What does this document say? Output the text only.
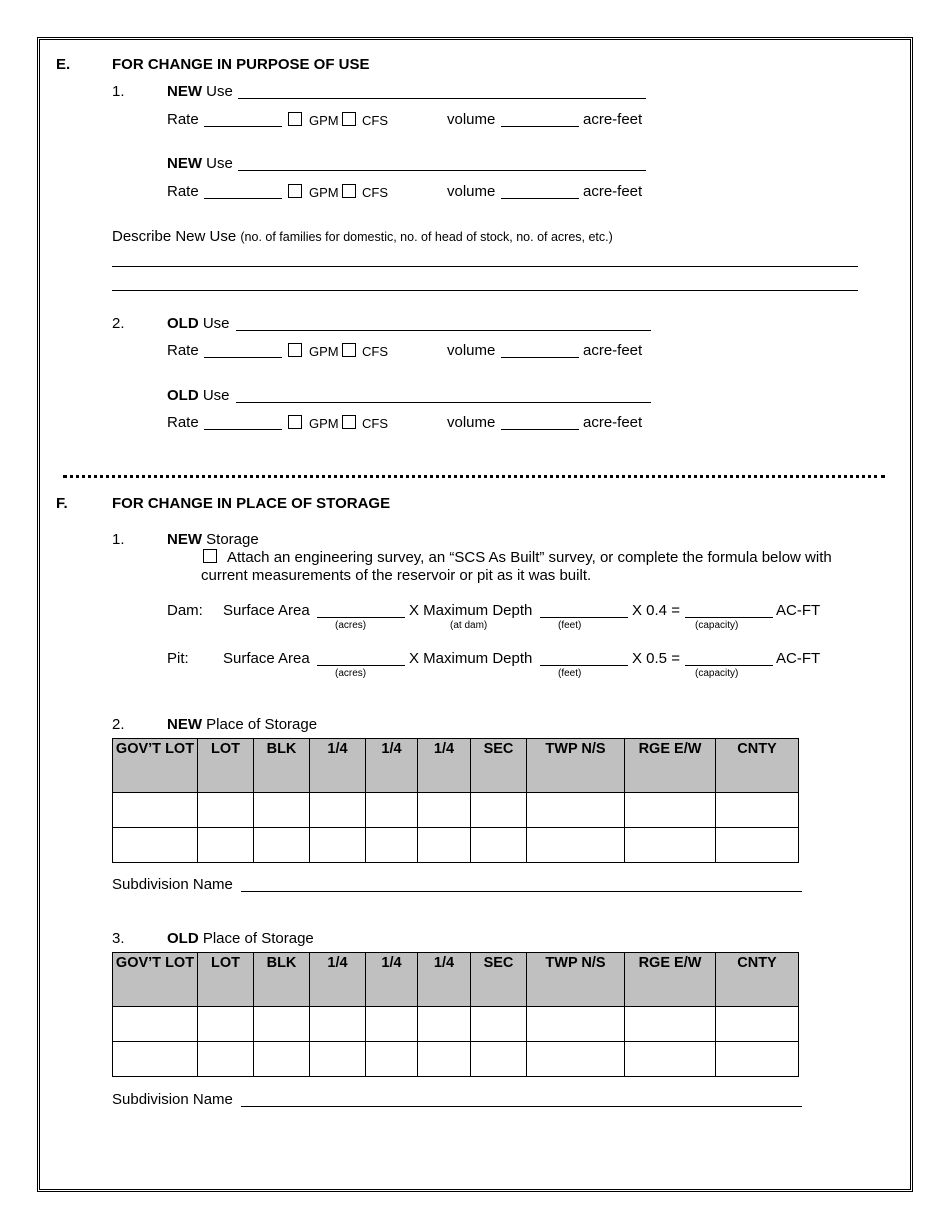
E.	FOR CHANGE IN PURPOSE OF USE
1.	NEW Use
Rate	GPM CFS	volume	acre-feet
NEW Use
Rate	GPM CFS	volume	acre-feet
Describe New Use (no. of families for domestic, no. of head of stock, no. of acres, etc.)
2.	OLD Use
Rate	GPM CFS	volume	acre-feet
OLD Use
Rate	GPM CFS	volume	acre-feet
F.	FOR CHANGE IN PLACE OF STORAGE
1.	NEW Storage
Attach an engineering survey, an “SCS As Built” survey, or complete the formula below with
current measurements of the reservoir or pit as it was built.
Dam: Surface Area
(acres)
X Maximum Depth
(at dam)	(feet)
X 0.4 =
(capacity)
AC-FT
Pit: Surface Area
(acres)
X Maximum Depth
(feet)
X 0.5 =
(capacity)
AC-FT
2.	NEW Place of Storage
GOV’T LOT	LOT	BLK	1/4	1/4	1/4	SEC	TWP N/S	RGE E/W	CNTY

Subdivision Name
3.	OLD Place of Storage
GOV’T LOT	LOT	BLK	1/4	1/4	1/4	SEC	TWP N/S	RGE E/W	CNTY

Subdivision Name
